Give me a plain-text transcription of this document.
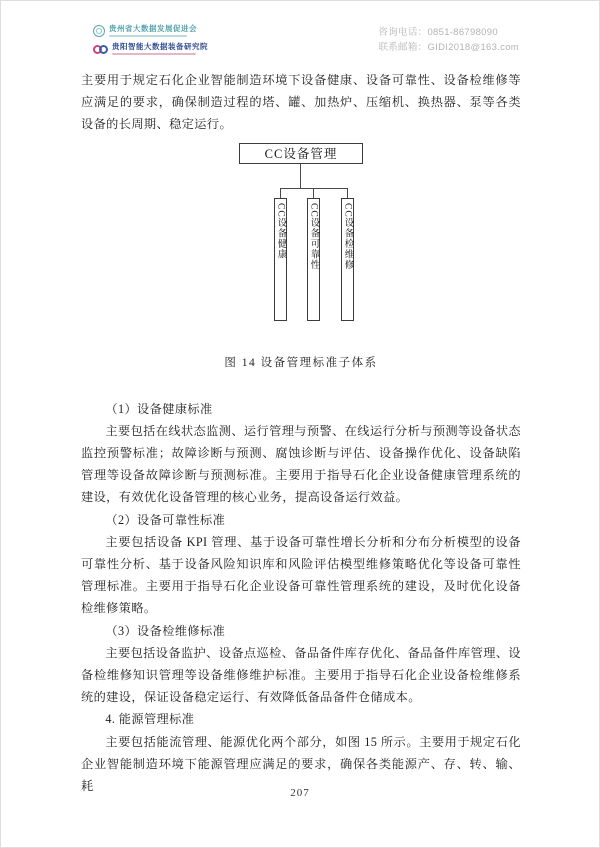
贵州省大数据发展促进会
贵阳智能大数据装备研究院
咨询电话：0851-86798090
联系邮箱：GIDI2018@163.com

主要用于规定石化企业智能制造环境下设备健康、设备可靠性、设备检维修等应满足的要求，确保制造过程的塔、罐、加热炉、压缩机、换热器、泵等各类设备的长周期、稳定运行。

CC设备管理
CC设备健康 CC设备可靠性	CC设备检维修
图 14 设备管理标准子体系
（1）设备健康标准

主要包括在线状态监测、运行管理与预警、在线运行分析与预测等设备状态监控预警标准；故障诊断与预测、腐蚀诊断与评估、设备操作优化、设备缺陷管理等设备故障诊断与预测标准。主要用于指导石化企业设备健康管理系统的建设，有效优化设备管理的核心业务，提高设备运行效益。

（2）设备可靠性标准

主要包括设备 KPI 管理、基于设备可靠性增长分析和分布分析模型的设备可靠性分析、基于设备风险知识库和风险评估模型维修策略优化等设备可靠性管理标准。主要用于指导石化企业设备可靠性管理系统的建设，及时优化设备检维修策略。

（3）设备检维修标准

主要包括设备监护、设备点巡检、备品备件库存优化、备品备件库管理、设备检维修知识管理等设备维修维护标准。主要用于指导石化企业设备检维修系统的建设，保证设备稳定运行、有效降低备品备件仓储成本。

4. 能源管理标准

主要包括能流管理、能源优化两个部分，如图 15 所示。主要用于规定石化企业智能制造环境下能源管理应满足的要求，确保各类能源产、存、转、输、耗	207
